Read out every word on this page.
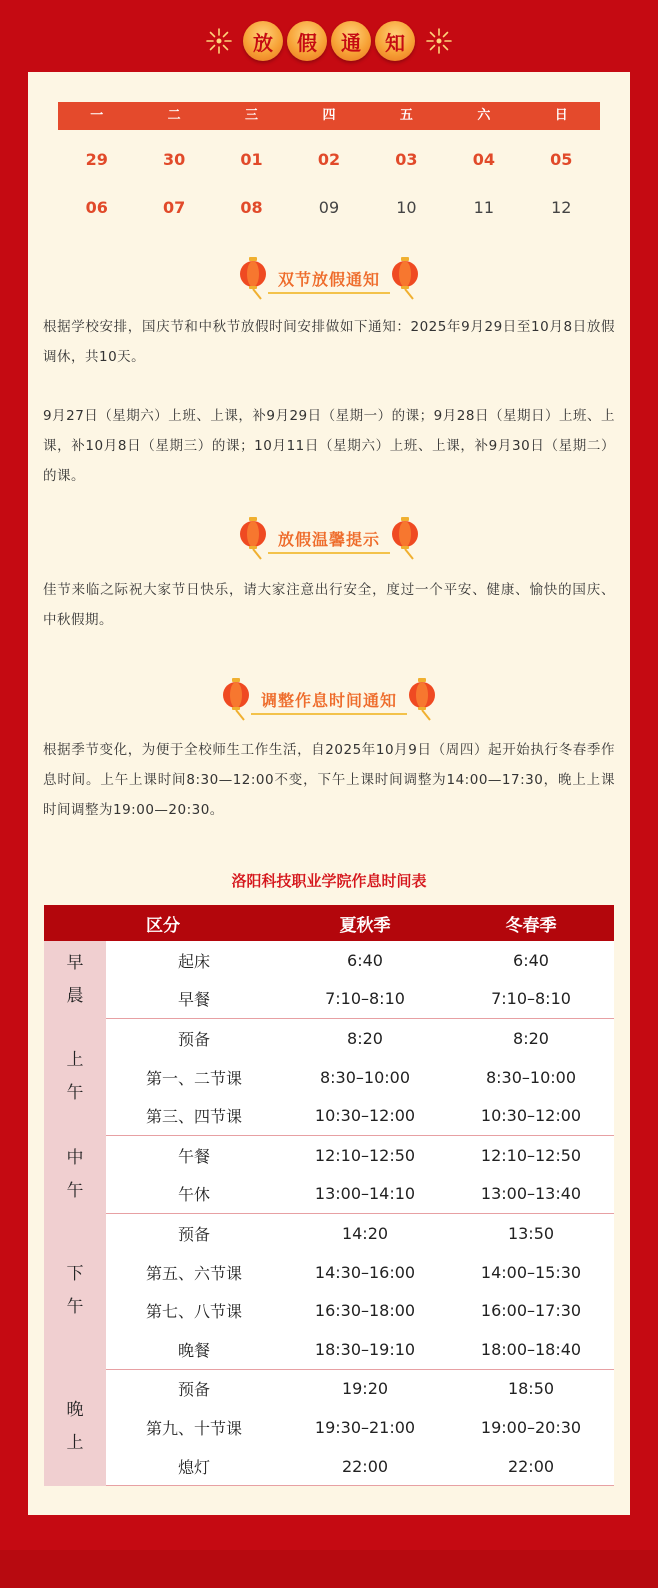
放	假	通	知
一	二	三	四	五	六	日
29	30	01	02	03	04	05
06	07	08	09	10	11	12
双节放假通知

根据学校安排，国庆节和中秋节放假时间安排做如下通知：2025年9月29日至10月8日放假调休，共10天。

9月27日（星期六）上班、上课，补9月29日（星期一）的课；9月28日（星期日）上班、上课，补10月8日（星期三）的课；10月11日（星期六）上班、上课，补9月30日（星期二）的课。

放假温馨提示

佳节来临之际祝大家节日快乐，请大家注意出行安全，度过一个平安、健康、愉快的国庆、中秋假期。

调整作息时间通知

根据季节变化，为便于全校师生工作生活，自2025年10月9日（周四）起开始执行冬春季作息时间。上午上课时间8:30—12:00不变，下午上课时间调整为14:00—17:30，晚上上课时间调整为19:00—20:30。

洛阳科技职业学院作息时间表
区分		夏秋季	冬春季

早
晨	起床	6:40	6:40
	早餐	7:10–8:10	7:10–8:10

上
午	预备	8:20	8:20
	第一、二节课	8:30–10:00	8:30–10:00
	第三、四节课	10:30–12:00	10:30–12:00

中
午	午餐	12:10–12:50	12:10–12:50
	午休	13:00–14:10	13:00–13:40

下
午	预备	14:20	13:50
	第五、六节课	14:30–16:00	14:00–15:30
	第七、八节课	16:30–18:00	16:00–17:30
	晚餐	18:30–19:10	18:00–18:40

晚
上	预备	19:20	18:50
	第九、十节课	19:30–21:00	19:00–20:30
	熄灯	22:00	22:00
